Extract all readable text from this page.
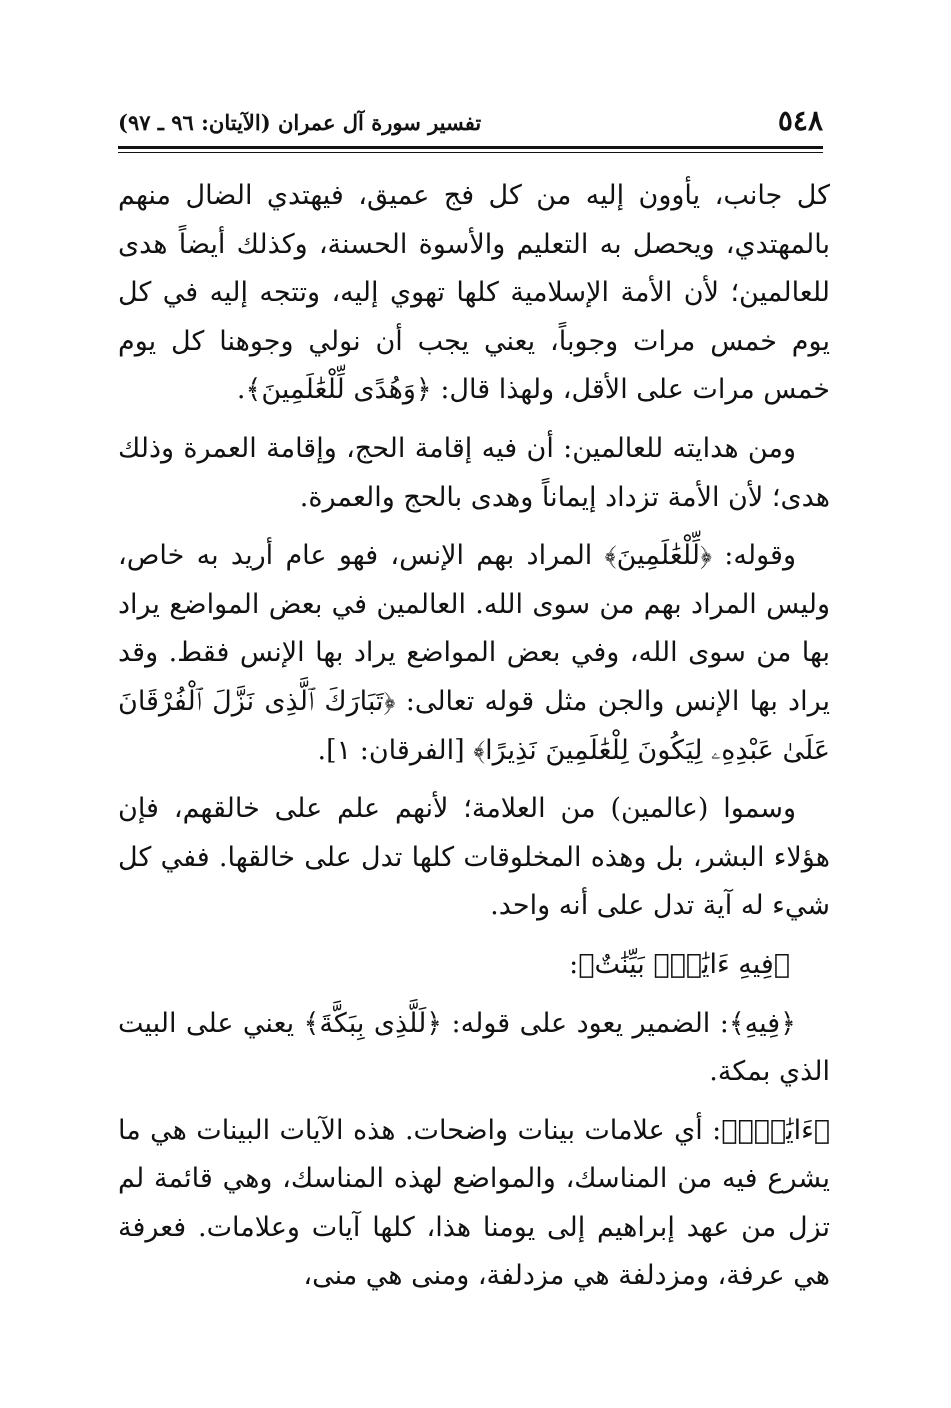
٥٤٨
تفسير سورة آل عمران (الآيتان: ٩٦ ـ ٩٧)

كل جانب، يأوون إليه من كل فج عميق، فيهتدي الضال منهم بالمهتدي، ويحصل به التعليم والأسوة الحسنة، وكذلك أيضاً هدى للعالمين؛ لأن الأمة الإسلامية كلها تهوي إليه، وتتجه إليه في كل يوم خمس مرات وجوباً، يعني يجب أن نولي وجوهنا كل يوم خمس مرات على الأقل، ولهذا قال: ﴿وَهُدًى لِّلْعَٰلَمِينَ﴾.

ومن هدايته للعالمين: أن فيه إقامة الحج، وإقامة العمرة وذلك هدى؛ لأن الأمة تزداد إيماناً وهدى بالحج والعمرة.

وقوله: ﴿لِّلْعَٰلَمِينَ﴾ المراد بهم الإنس، فهو عام أريد به خاص، وليس المراد بهم من سوى الله. العالمين في بعض المواضع يراد بها من سوى الله، وفي بعض المواضع يراد بها الإنس فقط. وقد يراد بها الإنس والجن مثل قوله تعالى: ﴿تَبَارَكَ ٱلَّذِى نَزَّلَ ٱلْفُرْقَانَ عَلَىٰ عَبْدِهِۦ لِيَكُونَ لِلْعَٰلَمِينَ نَذِيرًا﴾ [الفرقان: ١].

وسموا (عالمين) من العلامة؛ لأنهم علم على خالقهم، فإن هؤلاء البشر، بل وهذه المخلوقات كلها تدل على خالقها. ففي كل شيء له آية تدل على أنه واحد.

﴿فِيهِ ءَايَٰتٌۢ بَيِّنَٰتٌ﴾:

﴿فِيهِ﴾: الضمير يعود على قوله: ﴿لَلَّذِى بِبَكَّةَ﴾ يعني على البيت الذي بمكة.

﴿ءَايَٰتٌۢ﴾: أي علامات بينات واضحات. هذه الآيات البينات هي ما يشرع فيه من المناسك، والمواضع لهذه المناسك، وهي قائمة لم تزل من عهد إبراهيم إلى يومنا هذا، كلها آيات وعلامات. فعرفة هي عرفة، ومزدلفة هي مزدلفة، ومنى هي منى،
